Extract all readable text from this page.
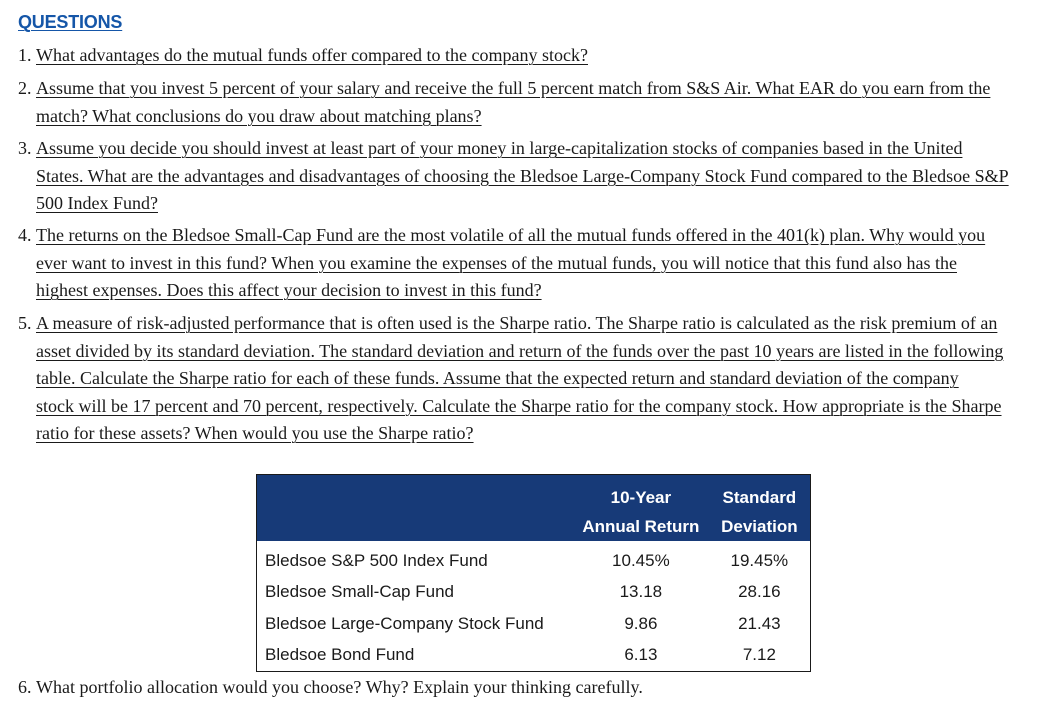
QUESTIONS
1. What advantages do the mutual funds offer compared to the company stock?
2. Assume that you invest 5 percent of your salary and receive the full 5 percent match from S&S Air. What EAR do you earn from the
match? What conclusions do you draw about matching plans?
3. Assume you decide you should invest at least part of your money in large-capitalization stocks of companies based in the United
States. What are the advantages and disadvantages of choosing the Bledsoe Large-Company Stock Fund compared to the Bledsoe S&P
500 Index Fund?
4. The returns on the Bledsoe Small-Cap Fund are the most volatile of all the mutual funds offered in the 401(k) plan. Why would you
ever want to invest in this fund? When you examine the expenses of the mutual funds, you will notice that this fund also has the
highest expenses. Does this affect your decision to invest in this fund?
5. A measure of risk-adjusted performance that is often used is the Sharpe ratio. The Sharpe ratio is calculated as the risk premium of an
asset divided by its standard deviation. The standard deviation and return of the funds over the past 10 years are listed in the following
table. Calculate the Sharpe ratio for each of these funds. Assume that the expected return and standard deviation of the company
stock will be 17 percent and 70 percent, respectively. Calculate the Sharpe ratio for the company stock. How appropriate is the Sharpe
ratio for these assets? When would you use the Sharpe ratio?
	10-Year	Standard
	Annual Return	Deviation
Bledsoe S&P 500 Index Fund	10.45%	19.45%
Bledsoe Small-Cap Fund	13.18	28.16
Bledsoe Large-Company Stock Fund	9.86	21.43
Bledsoe Bond Fund	6.13	7.12
6. What portfolio allocation would you choose? Why? Explain your thinking carefully.
